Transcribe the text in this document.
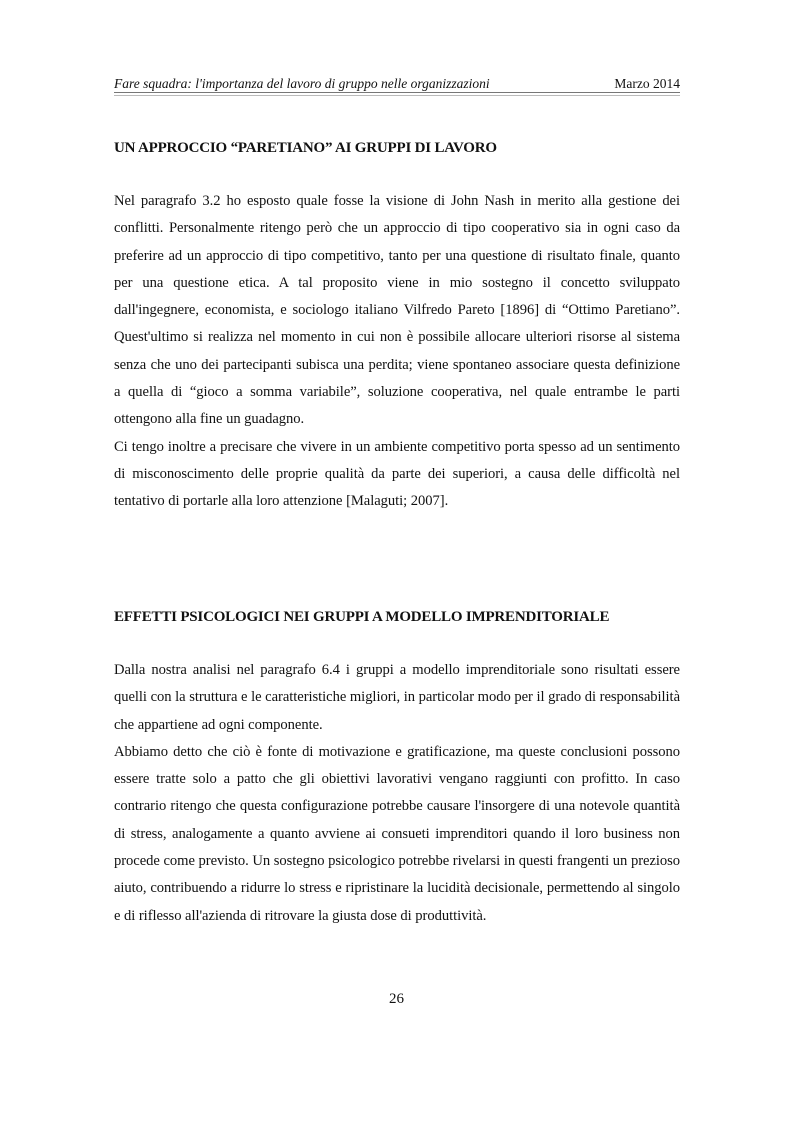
Fare squadra: l'importanza del lavoro di gruppo nelle organizzazioni	Marzo 2014
UN APPROCCIO “PARETIANO” AI GRUPPI DI LAVORO

Nel paragrafo 3.2 ho esposto quale fosse la visione di John Nash in merito alla gestione dei conflitti. Personalmente ritengo però che un approccio di tipo cooperativo sia in ogni caso da preferire ad un approccio di tipo competitivo, tanto per una questione di risultato finale, quanto per una questione etica. A tal proposito viene in mio sostegno il concetto sviluppato dall'ingegnere, economista, e sociologo italiano Vilfredo Pareto [1896] di “Ottimo Paretiano”. Quest'ultimo si realizza nel momento in cui non è possibile allocare ulteriori risorse al sistema senza che uno dei partecipanti subisca una perdita; viene spontaneo associare questa definizione a quella di “gioco a somma variabile”, soluzione cooperativa, nel quale entrambe le parti ottengono alla fine un guadagno.

Ci tengo inoltre a precisare che vivere in un ambiente competitivo porta spesso ad un sentimento di misconoscimento delle proprie qualità da parte dei superiori, a causa delle difficoltà nel tentativo di portarle alla loro attenzione [Malaguti; 2007].

EFFETTI PSICOLOGICI NEI GRUPPI A MODELLO IMPRENDITORIALE

Dalla nostra analisi nel paragrafo 6.4 i gruppi a modello imprenditoriale sono risultati essere quelli con la struttura e le caratteristiche migliori, in particolar modo per il grado di responsabilità che appartiene ad ogni componente.

Abbiamo detto che ciò è fonte di motivazione e gratificazione, ma queste conclusioni possono essere tratte solo a patto che gli obiettivi lavorativi vengano raggiunti con profitto. In caso contrario ritengo che questa configurazione potrebbe causare l'insorgere di una notevole quantità di stress, analogamente a quanto avviene ai consueti imprenditori quando il loro business non procede come previsto. Un sostegno psicologico potrebbe rivelarsi in questi frangenti un prezioso aiuto, contribuendo a ridurre lo stress e ripristinare la lucidità decisionale, permettendo al singolo e di riflesso all'azienda di ritrovare la giusta dose di produttività.

26
